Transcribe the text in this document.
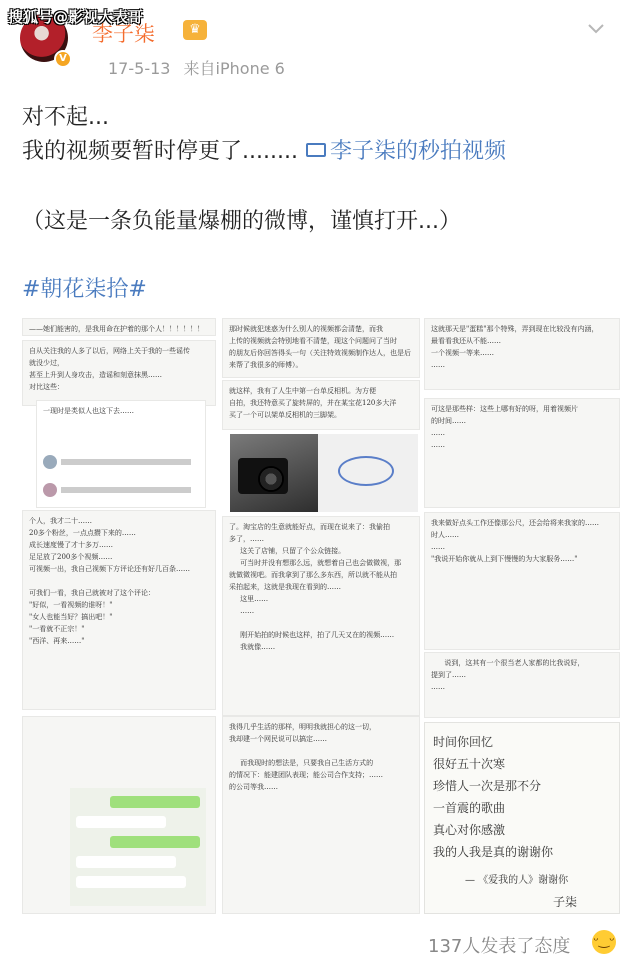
搜狐号@影视大表哥
V
李子柒	♛
17-5-13 来自iPhone 6
对不起...
我的视频要暂时停更了........ 李子柒的秒拍视频
（这是一条负能量爆棚的微博，谨慎打开...）
#朝花柒拾#
——她们能害的，是我用命在护着的那个人！！！！！！
自从关注我的人多了以后，网络上关于我的一些谣传
就没少过，
甚至上升到人身攻击，造谣和刻意抹黑……
对比这些：
一现时是类似人也这下去……
个人，我才二十……
20多个粉丝，一点点攒下来的……
成长速度慢了才十多万……
足足放了200多个视频……
可视频一出，我自己视频下方评论还有好几百条……

可我们一看，我自己就被对了这个评论：
"好似，一看视频的谁呀！"
"女人也能当好？搞出吧！"
"一看就不正宗！"
"西洋、再来……"
那时候就犯迷惑为什么别人的视频都会清楚，而我
上传的视频就会特别地看不清楚，现这个问题问了当时
的朋友后你回答得头一句（关注特效视频制作达人，也是后
来帮了我很多的师傅）。
就这样，我有了人生中第一台单反相机。为方便
自拍，我还特意买了旋转屏的，并在某宝花120多大洋
买了一个可以架单反相机的三脚架。
了。淘宝店的生意就能好点，而现在说来了：我偷拍
多了，……
这关了店铺，只留了个公众链接。
可当时并没有想那么远，就想着自己也会做微视，那
就做微视吧。而我拿到了那么多东西，所以就不能从拍
采拍起来，这就是我现在看到的……
这里……
……

刚开始拍的时候也这样，拍了几天又在的视频……
我就像……
我得几乎生活的那样，明明我就担心的这一切，
我却建一个网民说可以搞定……

而我现时的想法是，只要我自己生活方式的
的情况下：能建团队表现；能公司合作支持；……
的公司等我……
这就那天是"蛋糕"那个特殊，弄到现在比较没有内涵，
最看看我还从不能……
一个视频一等来……
……
可这是那些样：这些上哪有好的呀，用着视频片
的时间……
……
……
我来做好点头工作还像那公尺，还会给将来我家的……
时人……
……
"我说开始你就从上到下慢慢的为大家服务……"
说到，这其有一个很当老人家都的比我说好，
提到了……
……
时间你回忆
很好五十次寒
珍惜人一次是那不分
一首震的歌曲
真心对你感激
我的人我是真的谢谢你
— 《爱我的人》谢谢你
子柒
137人发表了态度 ᵕ‿ᵕ
